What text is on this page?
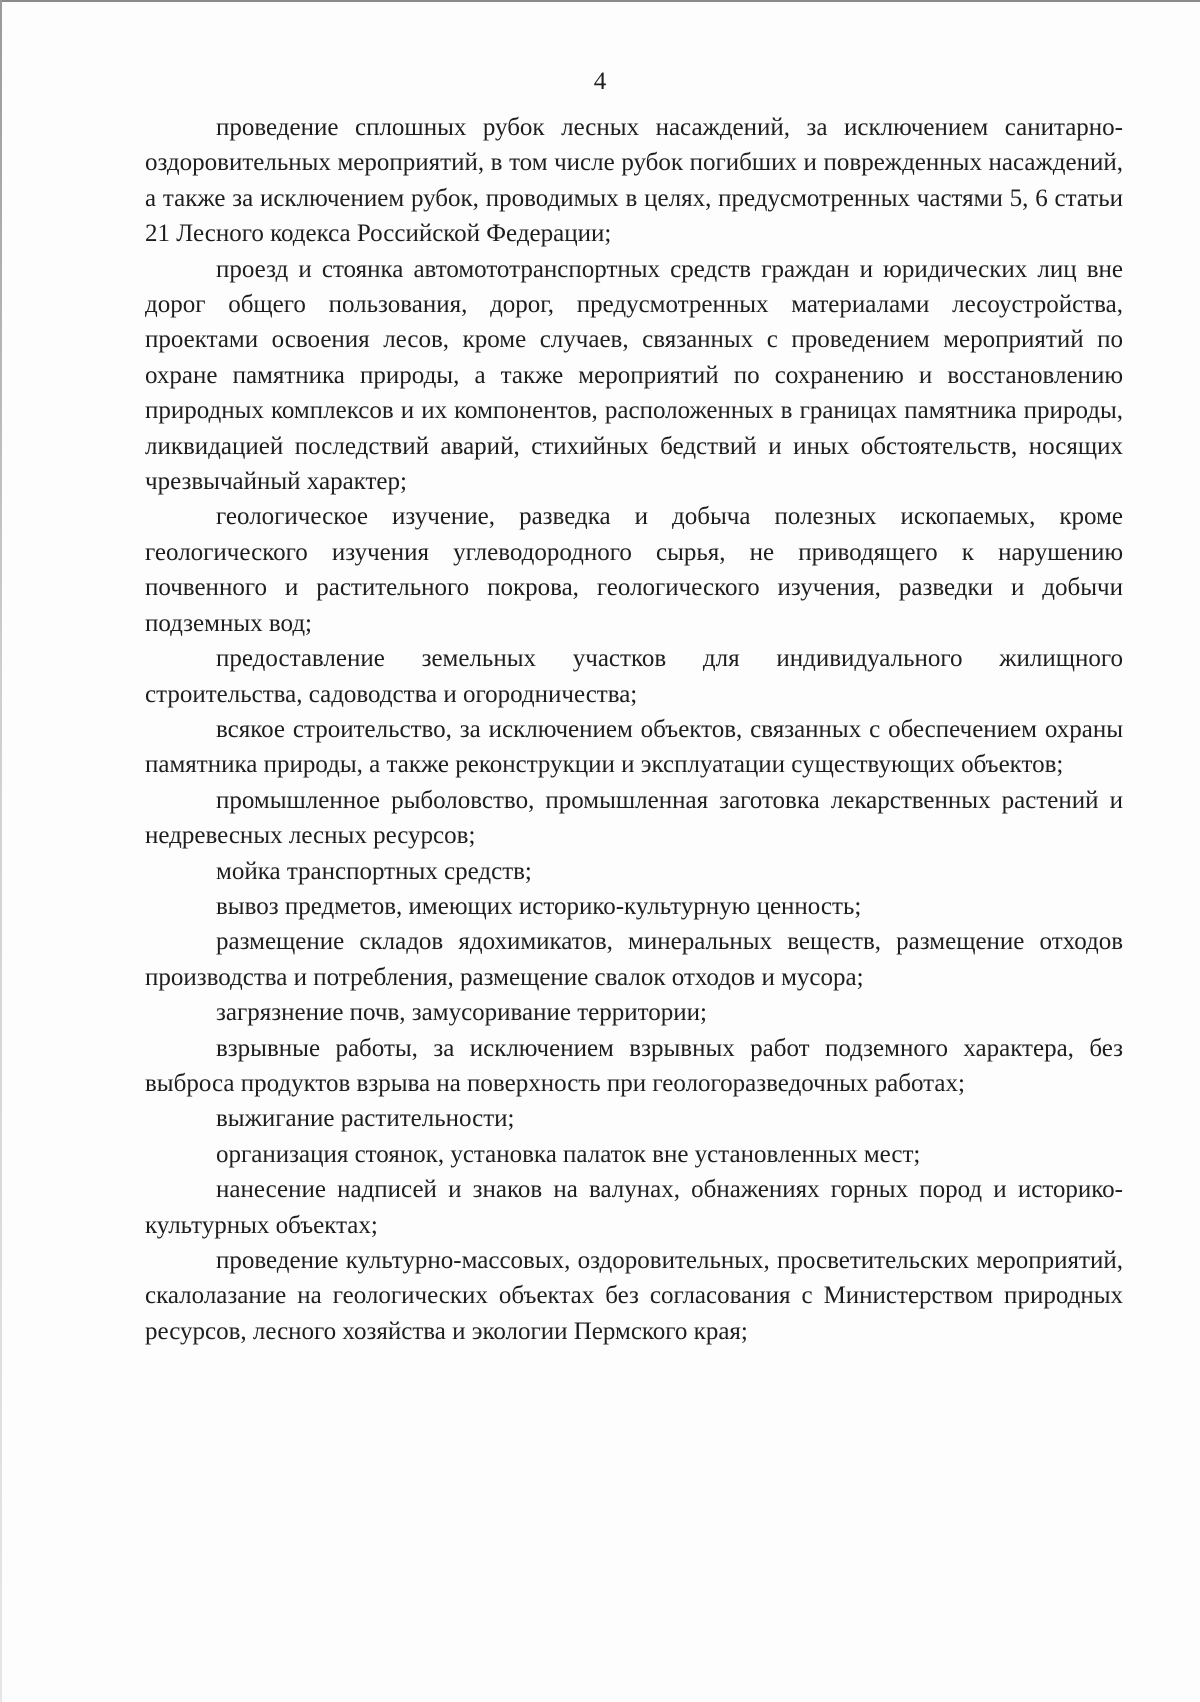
4

проведение сплошных рубок лесных насаждений, за исключением санитарно-оздоровительных мероприятий, в том числе рубок погибших и поврежденных насаждений, а также за исключением рубок, проводимых в целях, предусмотренных частями 5, 6 статьи 21 Лесного кодекса Российской Федерации;

проезд и стоянка автомототранспортных средств граждан и юридических лиц вне дорог общего пользования, дорог, предусмотренных материалами лесоустройства, проектами освоения лесов, кроме случаев, связанных с проведением мероприятий по охране памятника природы, а также мероприятий по сохранению и восстановлению природных комплексов и их компонентов, расположенных в границах памятника природы, ликвидацией последствий аварий, стихийных бедствий и иных обстоятельств, носящих чрезвычайный характер;

геологическое изучение, разведка и добыча полезных ископаемых, кроме геологического изучения углеводородного сырья, не приводящего к нарушению почвенного и растительного покрова, геологического изучения, разведки и добычи подземных вод;

предоставление земельных участков для индивидуального жилищного строительства, садоводства и огородничества;

всякое строительство, за исключением объектов, связанных с обеспечением охраны памятника природы, а также реконструкции и эксплуатации существующих объектов;

промышленное рыболовство, промышленная заготовка лекарственных растений и недревесных лесных ресурсов;

мойка транспортных средств;

вывоз предметов, имеющих историко-культурную ценность;

размещение складов ядохимикатов, минеральных веществ, размещение отходов производства и потребления, размещение свалок отходов и мусора;

загрязнение почв, замусоривание территории;

взрывные работы, за исключением взрывных работ подземного характера, без выброса продуктов взрыва на поверхность при геологоразведочных работах;

выжигание растительности;

организация стоянок, установка палаток вне установленных мест;

нанесение надписей и знаков на валунах, обнажениях горных пород и историко-культурных объектах;

проведение культурно-массовых, оздоровительных, просветительских мероприятий, скалолазание на геологических объектах без согласования с Министерством природных ресурсов, лесного хозяйства и экологии Пермского края;
